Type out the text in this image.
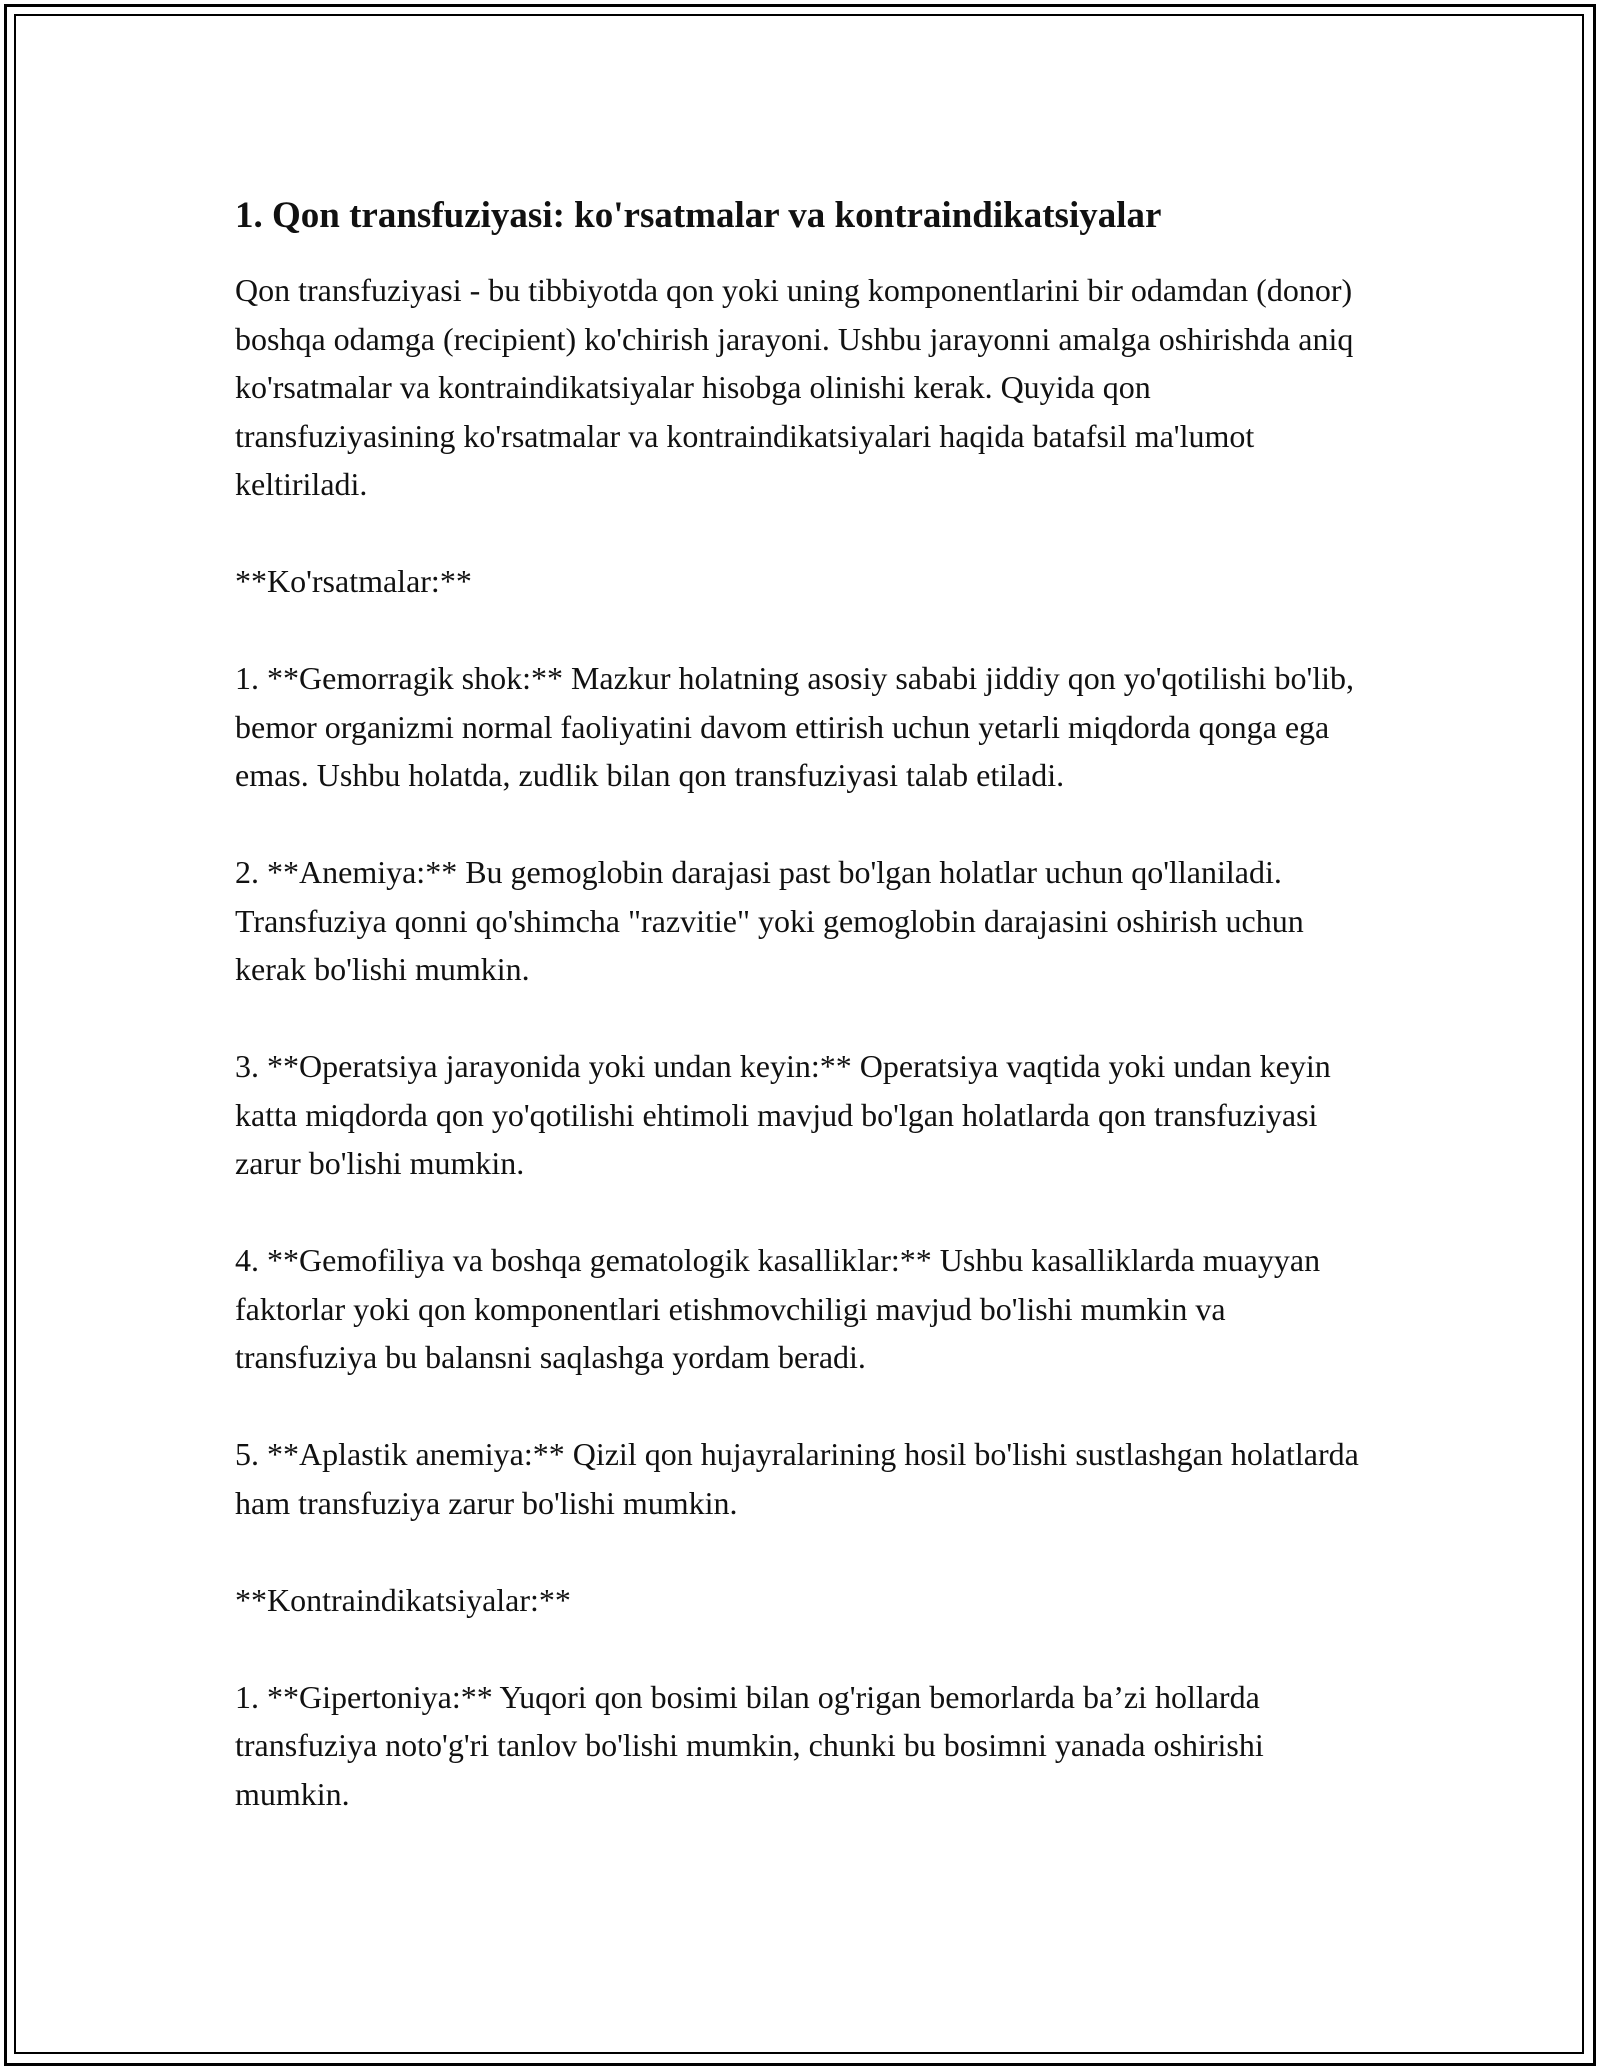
1. Qon transfuziyasi: ko'rsatmalar va kontraindikatsiyalar

Qon transfuziyasi - bu tibbiyotda qon yoki uning komponentlarini bir odamdan (donor) boshqa odamga (recipient) ko'chirish jarayoni. Ushbu jarayonni amalga oshirishda aniq ko'rsatmalar va kontraindikatsiyalar hisobga olinishi kerak. Quyida qon transfuziyasining ko'rsatmalar va kontraindikatsiyalari haqida batafsil ma'lumot keltiriladi.

**Ko'rsatmalar:**

1. **Gemorragik shok:** Mazkur holatning asosiy sababi jiddiy qon yo'qotilishi bo'lib, bemor organizmi normal faoliyatini davom ettirish uchun yetarli miqdorda qonga ega emas. Ushbu holatda, zudlik bilan qon transfuziyasi talab etiladi.

2. **Anemiya:** Bu gemoglobin darajasi past bo'lgan holatlar uchun qo'llaniladi. Transfuziya qonni qo'shimcha "razvitie" yoki gemoglobin darajasini oshirish uchun kerak bo'lishi mumkin.

3. **Operatsiya jarayonida yoki undan keyin:** Operatsiya vaqtida yoki undan keyin katta miqdorda qon yo'qotilishi ehtimoli mavjud bo'lgan holatlarda qon transfuziyasi zarur bo'lishi mumkin.

4. **Gemofiliya va boshqa gematologik kasalliklar:** Ushbu kasalliklarda muayyan faktorlar yoki qon komponentlari etishmovchiligi mavjud bo'lishi mumkin va transfuziya bu balansni saqlashga yordam beradi.

5. **Aplastik anemiya:** Qizil qon hujayralarining hosil bo'lishi sustlashgan holatlarda ham transfuziya zarur bo'lishi mumkin.

**Kontraindikatsiyalar:**

1. **Gipertoniya:** Yuqori qon bosimi bilan og'rigan bemorlarda ba’zi hollarda transfuziya noto'g'ri tanlov bo'lishi mumkin, chunki bu bosimni yanada oshirishi mumkin.
